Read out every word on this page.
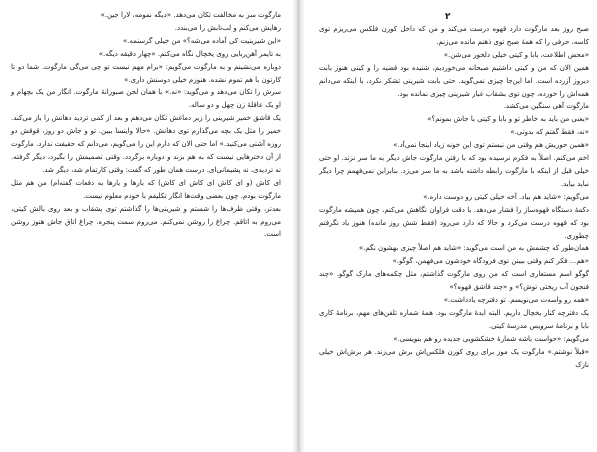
مارگوت سر به مخالفت تکان می‌دهد. «دیگه نمومه، لارا جین.»

رهایش می‌کنم و لب‌تابش را می‌بندد.

«این شیرینیت کی آماده می‌شه؟» من خیلی گرسنمه.»

به تایمر آهن‌ربایی روی یخچال نگاه می‌کنم. «چهار دقیقه دیگه.»

دوباره می‌نشینم و به مارگوت می‌گویم: «برام مهم نیست تو چی می‌گی مارگوت. شما دو تا کارتون با هم تموم نشده. هنوزم خیلی دوستش داری.»

سرش را تکان می‌دهد و می‌گوید: «نه.» با همان لحن صبورانهٔ مارگوت. انگار من یک بچهام و او یک عاقلهٔ زن چهل و دو ساله.

یک قاشق خمیر شیرینی را زیر دماغش تکان می‌دهم و بعد از کمی تردید دهانش را باز می‌کند. خمیر را مثل یک بچه می‌گذارم توی دهانش. «حالا واینسا ببین. تو و جاش دو روز، قوقش دو روزه آشتی می‌کنید.» اما حتی الان که دارم این را می‌گویم، می‌دانم که حقیقت ندارد. مارگوت از آن دخترهایی نیست که به هم بزند و دوباره برگردد. وقتی تصمیمش را بگیرد، دیگر گرفته. نه تردیدی، نه پشیمانی‌ای. درست همان طور که گفت: وقتی کارتمام شد، دیگر شد.

ای کاش (و ای کاش ای کاش ای کاش) که بارها و بارها به دفعات گفته‌ام) من هم مثل مارگوت بودم. چون بعضی وقت‌ها انگار تکلیفم با خودم معلوم نیست.

بعدتر، وقتی ظرف‌ها را شستم و شیرینی‌ها را گذاشتم توی بشقاب و بعد روی بالش کیتی، می‌روم به اتاقم. چراغ را روشن نمی‌کنم. می‌روم سمت پنجره. چراغ اتاق جاش هنوز روشن است.

۲

صبح روز بعد مارگوت دارد قهوه درست می‌کند و من که داخل کورن فلکس می‌ریزم توی کاسه، حرفی را که همهٔ صبح توی ذهنم مانده می‌زنم.

«محض اطلاعت، بابا و کیتی خیلی دلخور می‌شن.»

همین الان که من و کیتی داشتیم صبحانه می‌خوردیم، شنیده بود قضیه را و کیتی هنوز بابت دیروز آزرده است. اما این‌جا چیزی نمی‌گوید. حتی بابت شیرینی تشکر نکرد، با اینکه می‌دانم همه‌اش را خورده، چون توی بشقاب غبار شیرینی چیزی نمانده بود.

مارگوت آهی سنگین می‌کشد.

«یعنی من باید به خاطر تو و بابا و کیتی با جاش بمونم؟»

«نه، فقط گفتم که بدونی.»

«همین جوریش هم وقتی من نیستم توی این خونه زیاد اینجا نمی‌آد.»

اخم می‌کنم. اصلاً به فکرم نرسیده بود که با رفتن مارگوت جاش دیگر به ما سر نزند. او حتی خیلی قبل از اینکه با مارگوت رابطه داشته باشد به ما سر می‌زد. بنابراین نمی‌فهمم چرا دیگر نباید بیاید.

می‌گویم: «شاید هم بیاد. آخه خیلی کیتی رو دوست داره.»

دکمهٔ دستگاه قهوه‌ساز را فشار می‌دهد. با دقت فراوان نگاهش می‌کنم، چون همیشه مارگوت بود که قهوه درست می‌کرد و حالا که دارد می‌رود (فقط شش روز مانده) هنوز یاد نگرفتم چطوری.

همان‌طور که چشمش به من است می‌گوید: «شاید هم اصلاً چیزی بهشون نگم.»

«هم... فکر کنم وقتی ببینن توی فرودگاه خودشون می‌فهمن، گوگو.»

گوگو اسم مستعاری است که من روی مارگوت گذاشتم، مثل چکمه‌های مارک گوگو. «چند فنجون آب ریختی توش؟» و «چند قاشق قهوه؟»

«همه رو واسه‌ت می‌نویسم. تو دفترچه یادداشت.»

یک دفترچه کنار یخچال داریم. البته ایدهٔ مارگوت بود. همهٔ شماره تلفن‌های مهم، برنامهٔ کاری بابا و برنامهٔ سرویس مدرسهٔ کیتی.

می‌گویم: «حواست باشه شمارهٔ خشکشویی جدیده رو هم بنویسی.»

«قبلاً نوشتم.» مارگوت یک موز برای روی کورن فلکس‌اش برش می‌زند. هر برش‌اش خیلی نازک
